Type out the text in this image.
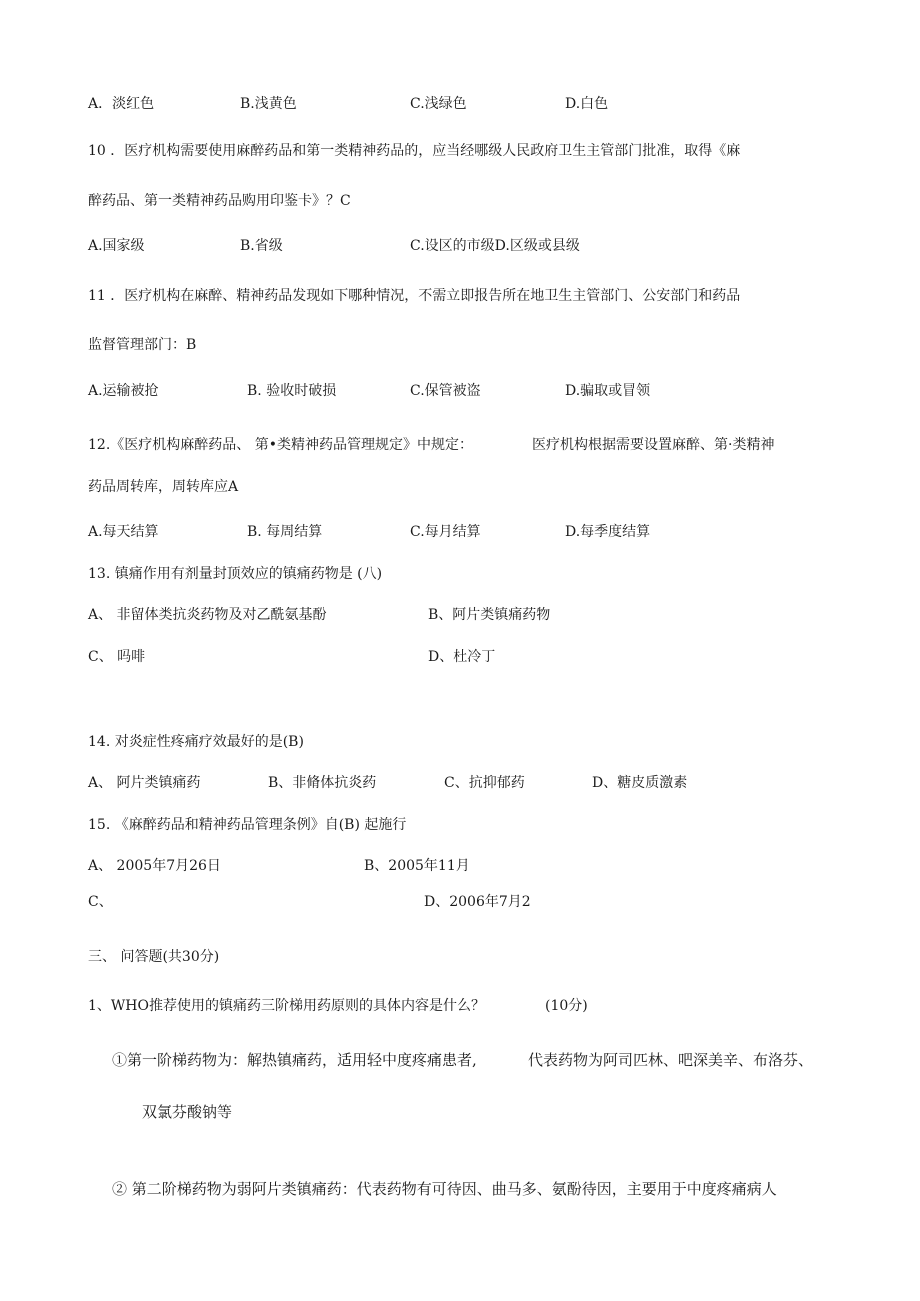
A．淡红色	B.浅黄色	C.浅绿色	D.白色
10 ．医疗机构需要使用麻醉药品和第一类精神药品的，应当经哪级人民政府卫生主管部门批准，取得《麻
醉药品、第一类精神药品购用印鉴卡》？C
A.国家级	B.省级	C.设区的市级D.区级或县级
11 ．医疗机构在麻醉、精神药品发现如下哪种情况，不需立即报告所在地卫生主管部门、公安部门和药品
监督管理部门：B
A.运输被抢	B. 验收时破损	C.保管被盗	D.骗取或冒领
12.《医疗机构麻醉药品、 第•类精神药品管理规定》中规定：	医疗机构根据需要设置麻醉、第·类精神
药品周转库，周转库应A
A.每天结算	B. 每周结算	C.每月结算	D.每季度结算
13. 镇痛作用有剂量封顶效应的镇痛药物是 (八)
A、 非留体类抗炎药物及对乙酰氨基酚	B、阿片类镇痛药物
C、 吗啡	D、杜冷丁
14. 对炎症性疼痛疗效最好的是(B)
A、 阿片类镇痛药	B、非脩体抗炎药	C、抗抑郁药	D、糖皮质激素
15. 《麻醉药品和精神药品管理条例》自(B) 起施行
A、 2005年7月26日	B、2005年11月
C、	D、2006年7月2
三、 问答题(共30分)
1、WHO推荐使用的镇痛药三阶梯用药原则的具体内容是什么？	(10分)
①第一阶梯药物为：解热镇痛药，适用轻中度疼痛患者,	代表药物为阿司匹林、吧深美辛、布洛芬、
双氯芬酸钠等
② 第二阶梯药物为弱阿片类镇痛药：代表药物有可待因、曲马多、氨酚待因，主要用于中度疼痛病人
